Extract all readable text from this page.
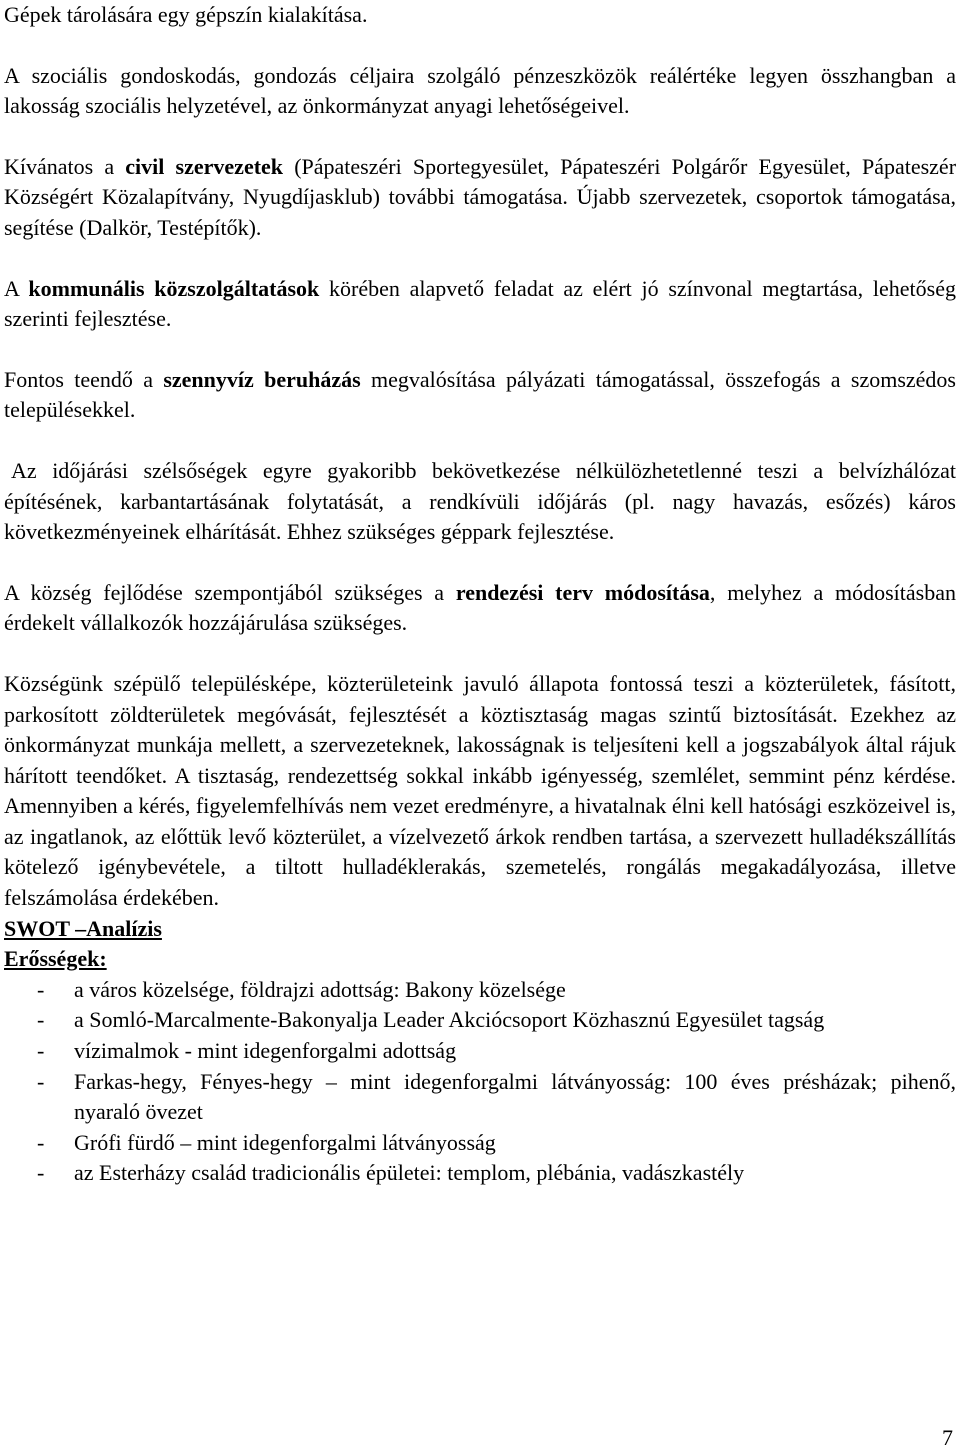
Gépek tárolására egy gépszín kialakítása.

A szociális gondoskodás, gondozás céljaira szolgáló pénzeszközök reálértéke legyen összhangban a lakosság szociális helyzetével, az önkormányzat anyagi lehetőségeivel.

Kívánatos a civil szervezetek (Pápateszéri Sportegyesület, Pápateszéri Polgárőr Egyesület, Pápateszér Községért Közalapítvány, Nyugdíjasklub) további támogatása. Újabb szervezetek, csoportok támogatása, segítése (Dalkör, Testépítők).

A kommunális közszolgáltatások körében alapvető feladat az elért jó színvonal megtartása, lehetőség szerinti fejlesztése.

Fontos teendő a szennyvíz beruházás megvalósítása pályázati támogatással, összefogás a szomszédos településekkel.

Az időjárási szélsőségek egyre gyakoribb bekövetkezése nélkülözhetetlenné teszi a belvízhálózat építésének, karbantartásának folytatását, a rendkívüli időjárás (pl. nagy havazás, esőzés) káros következményeinek elhárítását. Ehhez szükséges géppark fejlesztése.

A község fejlődése szempontjából szükséges a rendezési terv módosítása, melyhez a módosításban érdekelt vállalkozók hozzájárulása szükséges.

Községünk szépülő településképe, közterületeink javuló állapota fontossá teszi a közterületek, fásított, parkosított zöldterületek megóvását, fejlesztését a köztisztaság magas szintű biztosítását. Ezekhez az önkormányzat munkája mellett, a szervezeteknek, lakosságnak is teljesíteni kell a jogszabályok által rájuk hárított teendőket. A tisztaság, rendezettség sokkal inkább igényesség, szemlélet, semmint pénz kérdése. Amennyiben a kérés, figyelemfelhívás nem vezet eredményre, a hivatalnak élni kell hatósági eszközeivel is, az ingatlanok, az előttük levő közterület, a vízelvezető árkok rendben tartása, a szervezett hulladékszállítás kötelező igénybevétele, a tiltott hulladéklerakás, szemetelés, rongálás megakadályozása, illetve felszámolása érdekében.

SWOT –Analízis

Erősségek:

- a város közelsége, földrajzi adottság: Bakony közelsége
- a Somló-Marcalmente-Bakonyalja Leader Akciócsoport Közhasznú Egyesület tagság
- vízimalmok - mint idegenforgalmi adottság
- Farkas-hegy, Fényes-hegy – mint idegenforgalmi látványosság: 100 éves présházak; pihenő, nyaraló övezet
- Grófi fürdő – mint idegenforgalmi látványosság
- az Esterházy család tradicionális épületei: templom, plébánia, vadászkastély
7
